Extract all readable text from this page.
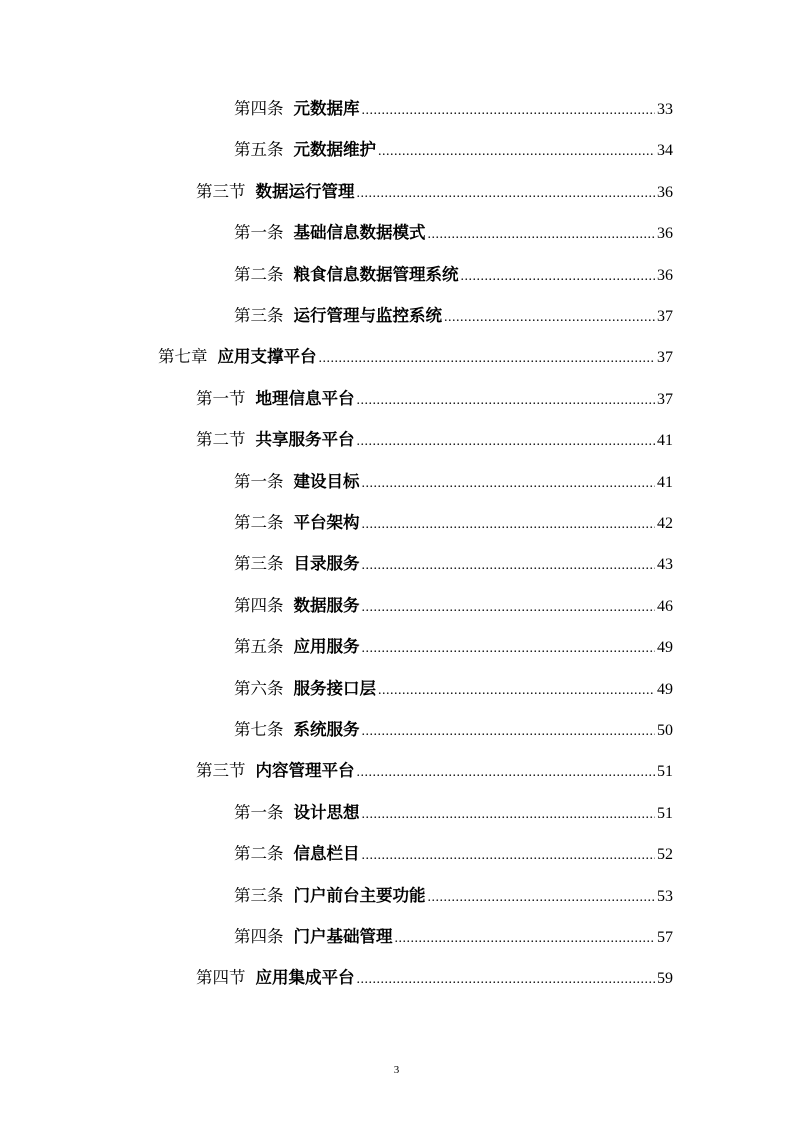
第四条 元数据库 .....	33
第五条 元数据维护 .....	34
第三节 数据运行管理 .....	36
第一条 基础信息数据模式 .....	36
第二条 粮食信息数据管理系统 .....	36
第三条 运行管理与监控系统 .....	37
第七章 应用支撑平台 .....	37
第一节 地理信息平台 .....	37
第二节 共享服务平台 .....	41
第一条 建设目标 .....	41
第二条 平台架构 .....	42
第三条 目录服务 .....	43
第四条 数据服务 .....	46
第五条 应用服务 .....	49
第六条 服务接口层 .....	49
第七条 系统服务 .....	50
第三节 内容管理平台 .....	51
第一条 设计思想 .....	51
第二条 信息栏目 .....	52
第三条 门户前台主要功能 .....	53
第四条 门户基础管理 .....	57
第四节 应用集成平台 .....	59
3
